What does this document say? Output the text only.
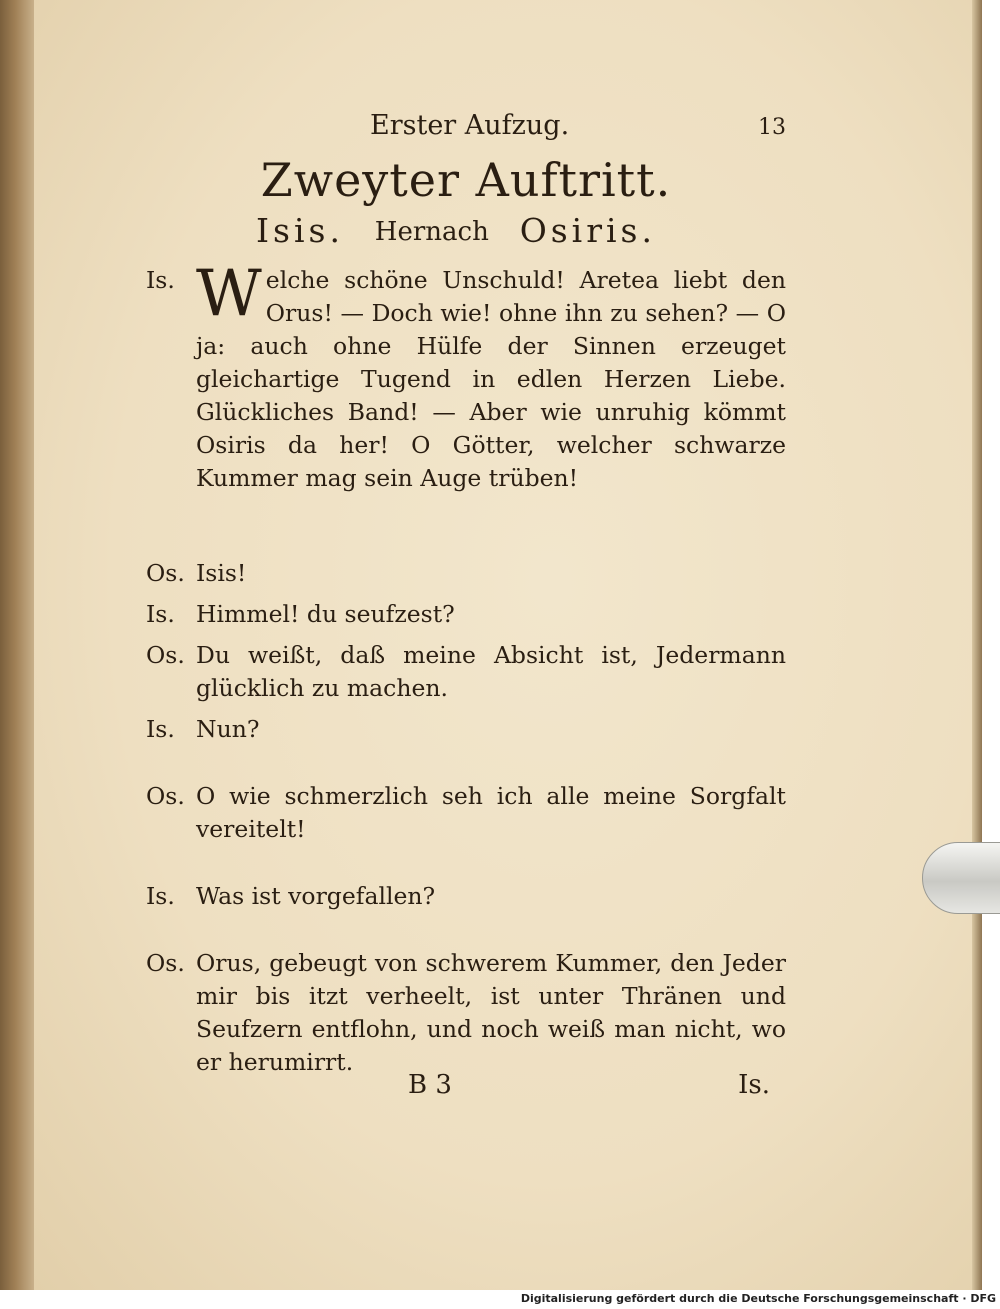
Erster Aufzug.	13
Zweyter Auftritt.
Isis. Hernach Osiris.
Is. W elche schöne Unschuld! Aretea liebt den Orus! — Doch wie! ohne ihn zu sehen? — O ja: auch ohne Hülfe der Sinnen erzeuget gleichartige Tugend in edlen Herzen Liebe. Glückliches Band! — Aber wie unruhig kömmt Osiris da her! O Götter, welcher schwarze Kummer mag sein Auge trüben!
Os. Isis!
Is. Himmel! du seufzest?
Os. Du weißt, daß meine Absicht ist, Jedermann glücklich zu machen.
Is. Nun?
Os. O wie schmerzlich seh ich alle meine Sorgfalt vereitelt!
Is. Was ist vorgefallen?
Os. Orus, gebeugt von schwerem Kummer, den Jeder mir bis itzt verheelt, ist unter Thränen und Seufzern entflohn, und noch weiß man nicht, wo er herumirrt.
B 3	Is.
Digitalisierung gefördert durch die Deutsche Forschungsgemeinschaft · DFG
